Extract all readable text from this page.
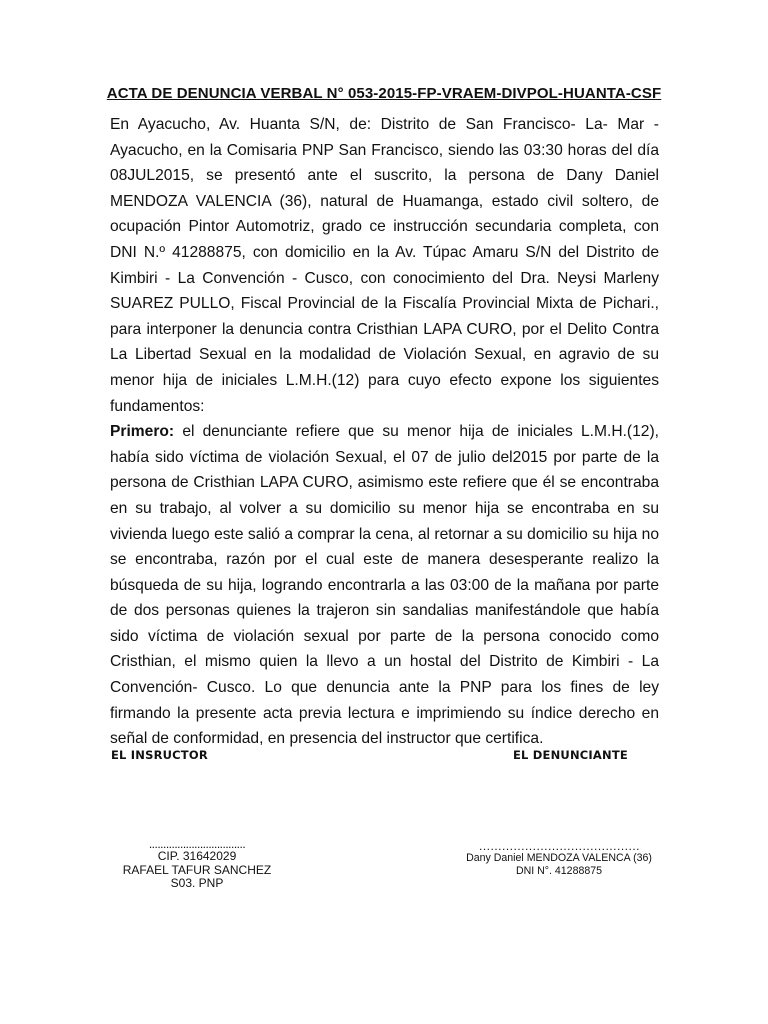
ACTA DE DENUNCIA VERBAL N° 053-2015-FP-VRAEM-DIVPOL-HUANTA-CSF

En Ayacucho, Av. Huanta S/N, de: Distrito de San Francisco- La- Mar - Ayacucho, en la Comisaria PNP San Francisco, siendo las 03:30 horas del día 08JUL2015, se presentó ante el suscrito, la persona de Dany Daniel MENDOZA VALENCIA (36), natural de Huamanga, estado civil soltero, de ocupación Pintor Automotriz, grado ce instrucción secundaria completa, con DNI N.º 41288875, con domicilio en la Av. Túpac Amaru S/N del Distrito de Kimbiri - La Convención - Cusco, con conocimiento del Dra. Neysi Marleny SUAREZ PULLO, Fiscal Provincial de la Fiscalía Provincial Mixta de Pichari., para interponer la denuncia contra Cristhian LAPA CURO, por el Delito Contra La Libertad Sexual en la modalidad de Violación Sexual, en agravio de su menor hija de iniciales L.M.H.(12) para cuyo efecto expone los siguientes fundamentos:

Primero: el denunciante refiere que su menor hija de iniciales L.M.H.(12), había sido víctima de violación Sexual, el 07 de julio del2015 por parte de la persona de Cristhian LAPA CURO, asimismo este refiere que él se encontraba en su trabajo, al volver a su domicilio su menor hija se encontraba en su vivienda luego este salió a comprar la cena, al retornar a su domicilio su hija no se encontraba, razón por el cual este de manera desesperante realizo la búsqueda de su hija, logrando encontrarla a las 03:00 de la mañana por parte de dos personas quienes la trajeron sin sandalias manifestándole que había sido víctima de violación sexual por parte de la persona conocido como Cristhian, el mismo quien la llevo a un hostal del Distrito de Kimbiri - La Convención- Cusco. Lo que denuncia ante la PNP para los fines de ley firmando la presente acta previa lectura e imprimiendo su índice derecho en señal de conformidad, en presencia del instructor que certifica.

EL INSRUCTOR	EL DENUNCIANTE
..................................
CIP. 31642029
RAFAEL TAFUR SANCHEZ
S03. PNP
……………………………………
Dany Daniel MENDOZA VALENCA (36)
DNI N°. 41288875
